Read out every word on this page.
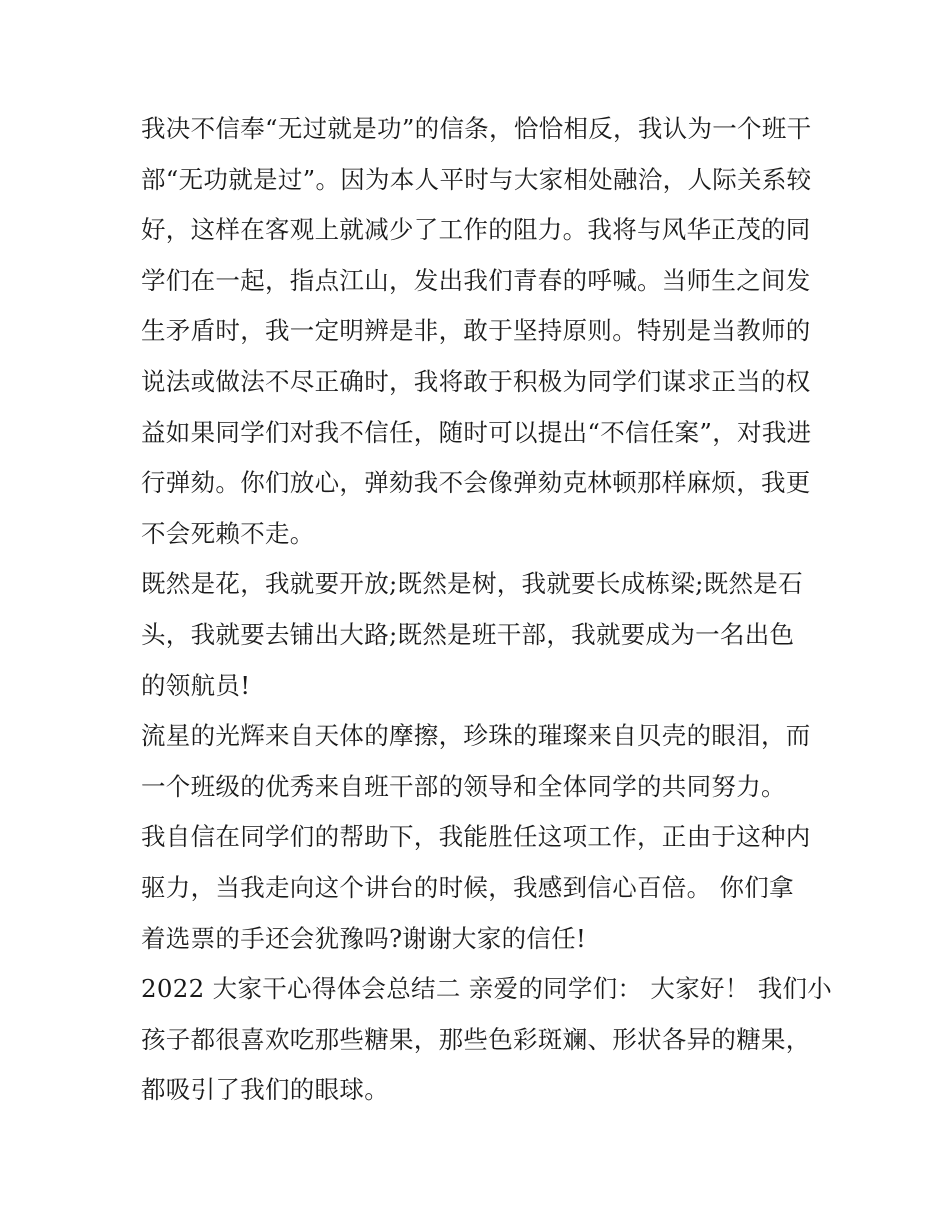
我决不信奉“无过就是功”的信条，恰恰相反，我认为一个班干
部“无功就是过”。因为本人平时与大家相处融洽，人际关系较
好，这样在客观上就减少了工作的阻力。我将与风华正茂的同
学们在一起，指点江山，发出我们青春的呼喊。当师生之间发
生矛盾时，我一定明辨是非，敢于坚持原则。特别是当教师的
说法或做法不尽正确时，我将敢于积极为同学们谋求正当的权
益如果同学们对我不信任，随时可以提出“不信任案”，对我进
行弹劾。你们放心，弹劾我不会像弹劾克林顿那样麻烦，我更
不会死赖不走。
既然是花，我就要开放;既然是树，我就要长成栋梁;既然是石
头，我就要去铺出大路;既然是班干部，我就要成为一名出色
的领航员!
流星的光辉来自天体的摩擦，珍珠的璀璨来自贝壳的眼泪，而
一个班级的优秀来自班干部的领导和全体同学的共同努力。
我自信在同学们的帮助下，我能胜任这项工作，正由于这种内
驱力，当我走向这个讲台的时候，我感到信心百倍。 你们拿
着选票的手还会犹豫吗?谢谢大家的信任!
2022 大家干心得体会总结二 亲爱的同学们： 大家好！ 我们小
孩子都很喜欢吃那些糖果，那些色彩斑斓、形状各异的糖果，
都吸引了我们的眼球。
